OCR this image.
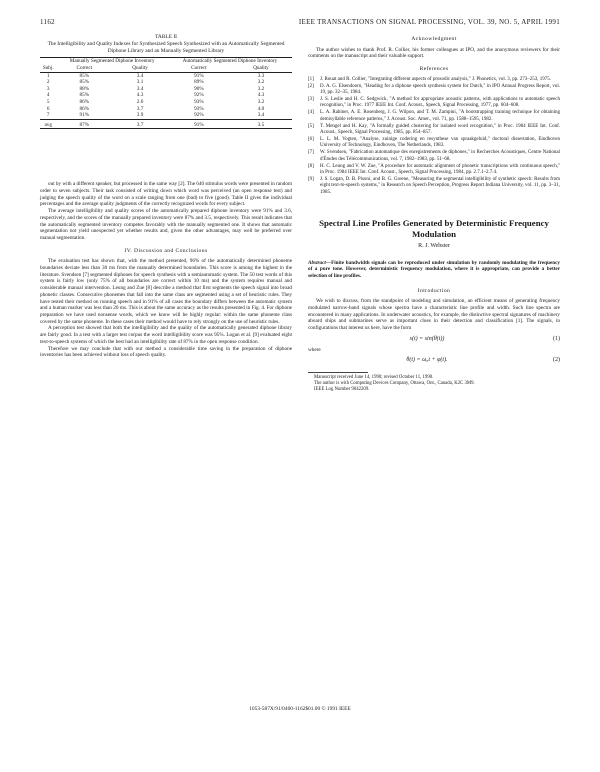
1162	IEEE TRANSACTIONS ON SIGNAL PROCESSING, VOL. 39, NO. 5, APRIL 1991
TABLE II
The Intelligibility and Quality Indexes for Synthesized Speech Synthesized with an Automatically Segmented Diphone Library and an Manually Segmented Library
	Manually Segmented Diphone Inventory		Automatically Segmented Diphone Inventory	
Subj.	Correct	Quality	Correct	Quality
1	85%	3.4	91%	3.3
2	85%	3.1	89%	3.2
3	88%	3.4	90%	3.2
4	85%	4.3	92%	4.3
5	86%	2.6	93%	3.2
6	86%	3.7	93%	4.0
7	91%	3.9	92%	3.4
avg	87%	3.7	91%	3.5

out by with a different speaker, but processed in the same way [2]. The 640 stimulus words were presented in random order to seven subjects. Their task consisted of writing down which word was perceived (an open response test) and judging the speech quality of the word on a scale ranging from one (bad) to five (good). Table II gives the individual percentages and the average quality judgments of the correctly recognized words for every subject.

The average intelligibility and quality scores of the automatically prepared diphone inventory were 91% and 3.6, respectively, and the scores of the manually prepared inventory were 87% and 3.5, respectively. This result indicates that the automatically segmented inventory competes favorably with the manually segmented one. It shows that automatic segmentation not yield unexpected yet whether results and, given the other advantages, may well be preferred over manual segmentation.

IV. Discussion and Conclusions

The evaluation test has shown that, with the method presented, 96% of the automatically determined phoneme boundaries deviate less than 30 ms from the manually determined boundaries. This score is among the highest in the literature. Svendsen [7] segmented diphones for speech synthesis with a semiautomatic system. The 50 test words of this system is fairly low (only 75% of all boundaries are correct within 10 ms) and the system requires manual and considerable manual intervention. Leung and Zue [8] describe a method that first segments the speech signal into broad phonetic classes. Consecutive phonemes that fall into the same class are segmented using a set of heuristic rules. They have tested their method on running speech and in 91% of all cases the boundary differs between the automatic system and a human marker was less than 20 ms. This is about the same accuracy as the results presented in Fig. 4. For diphone preparation we have used nonsense words, which we know will be highly regular: within the same phoneme class covered by the same phoneme. In these cases their method would have to rely strongly on the use of heuristic rules.

A perception test showed that both the intelligibility and the quality of the automatically generated diphone library are fairly good. In a test with a larger test corpus the word intelligibility score was 95%. Logan et al. [9] evaluated eight text-to-speech systems of which the best had an intelligibility rate of 87% in the open response condition.

Therefore we may conclude that with our method a considerable time saving in the preparation of diphone inventories has been achieved without loss of speech quality.

Acknowledgment

The author wishes to thank Prof. R. Collier, his former colleagues at IPO, and the anonymous reviewers for their comments on the manuscript and their valuable support.

References
[1]	J. Rouat and R. Collier, "Integrating different aspects of prosodic analysis," J. Phonetics, vol. 3, pp. 273–253, 1975.
[2]	D. A. G. Elsendoorn, "Heading for a diphone speech synthesis system for Dutch," in IPO Annual Progress Report, vol. 19, pp. 32–35, 1984.
[3]	J. S. Leslie and H. C. Sedgwick, "A method for appropriate acoustic patterns, with applications to automatic speech recognition," in Proc. 1977 IEEE Int. Conf. Acoust., Speech, Signal Processing, 1977, pp. 604–608.
[4]	L. A. Rabiner, A. E. Rosenberg, J. G. Wilpon, and T. M. Zampini, "A bootstrapping training technique for obtaining demisyllable reference patterns," J. Acoust. Soc. Amer., vol. 71, pp. 1588–1595, 1982.
[5]	T. Mengel and H. Kay, "A formally guided clustering for isolated word recognition," in Proc. 1984 IEEE Int. Conf. Acoust., Speech, Signal Processing, 1985, pp. 854–857.
[6]	L. L. M. Vogten, "Analyse, zuinige codering en resynthese van spraakgeluid," doctoral dissertation, Eindhoven University of Technology, Eindhoven, The Netherlands, 1983.
[7]	W. Svendsen, "Fabrication automatique des enregistrements de diphones," in Recherches Acoustiques, Centre National d'Études des Télécommunications, vol. 7, 1982–1983, pp. 51–68.
[8]	H. C. Leung and V. W. Zue, "A procedure for automatic alignment of phonetic transcriptions with continuous speech," in Proc. 1984 IEEE Int. Conf. Acoust., Speech, Signal Processing, 1984, pp. 2.7.1–2.7.4.
[9]	J. S. Logan, D. B. Pisoni, and B. G. Greene, "Measuring the segmental intelligibility of synthetic speech: Results from eight text-to-speech systems," in Research on Speech Perception, Progress Report Indiana University, vol. 11, pp. 3–31, 1985.
Spectral Line Profiles Generated by Deterministic Frequency Modulation
R. J. Webster
Abstract—Finite bandwidth signals can be reproduced under simulation by randomly modulating the frequency of a pure tone. However, deterministic frequency modulation, where it is appropriate, can provide a better selection of line profiles.
Introduction

We wish to discuss, from the standpoint of modeling and simulation, an efficient means of generating frequency modulated narrow-band signals whose spectra have a characteristic line profile and width. Such line spectra are encountered in many applications. In underwater acoustics, for example, the distinctive spectral signatures of machinery aboard ships and submarines serve as important clues in their detection and classification [1]. The signals, in configurations that interest us here, have the form

s(t) = sin(θ(t))	(1)
where
θ(t) = ω₀t + φ(t).	(2)
Manuscript received June 14, 1990; revised October 11, 1990.
The author is with Computing Devices Company, Ottawa, Ont., Canada, K2C 3M9.
IEEE Log Number 9042209.
1053-587X/91/0400-1162$01.00 © 1991 IEEE
